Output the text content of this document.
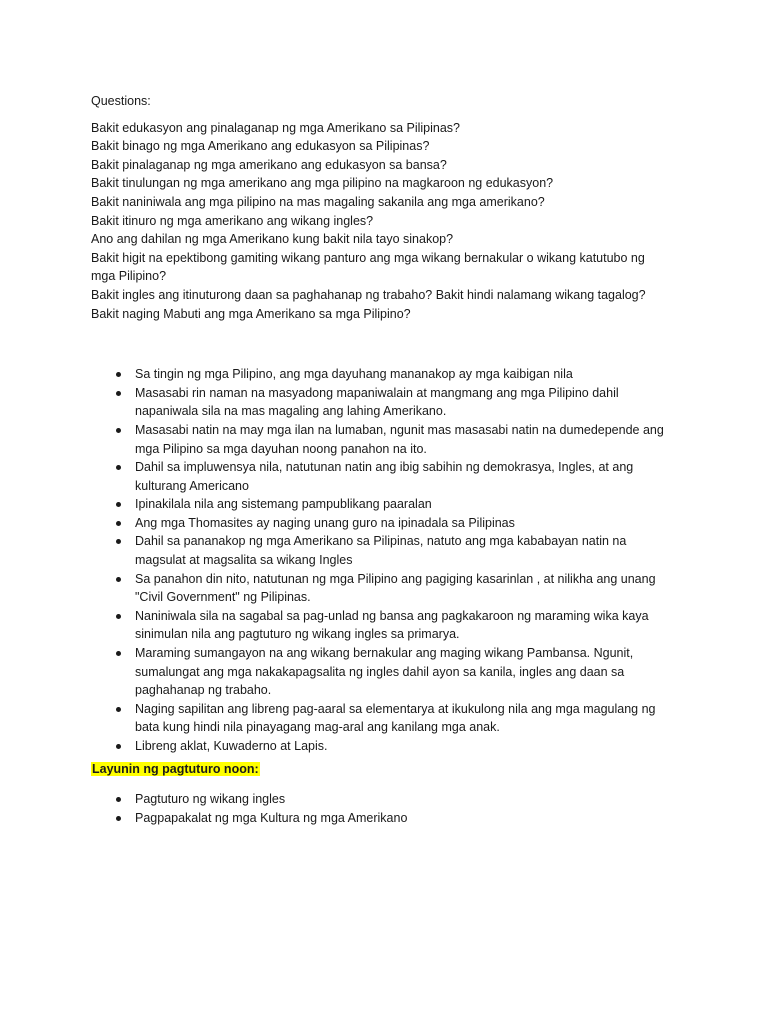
Questions:

Bakit edukasyon ang pinalaganap ng mga Amerikano sa Pilipinas?

Bakit binago ng mga Amerikano ang edukasyon sa Pilipinas?

Bakit pinalaganap ng mga amerikano ang edukasyon sa bansa?

Bakit tinulungan ng mga amerikano ang mga pilipino na magkaroon ng edukasyon?

Bakit naniniwala ang mga pilipino na mas magaling sakanila ang mga amerikano?

Bakit itinuro ng mga amerikano ang wikang ingles?

Ano ang dahilan ng mga Amerikano kung bakit nila tayo sinakop?

Bakit higit na epektibong gamiting wikang panturo ang mga wikang bernakular o wikang katutubo ng mga Pilipino?

Bakit ingles ang itinuturong daan sa paghahanap ng trabaho? Bakit hindi nalamang wikang tagalog?

Bakit naging Mabuti ang mga Amerikano sa mga Pilipino?

Sa tingin ng mga Pilipino, ang mga dayuhang mananakop ay mga kaibigan nila
Masasabi rin naman na masyadong mapaniwalain at mangmang ang mga Pilipino dahil napaniwala sila na mas magaling ang lahing Amerikano.
Masasabi natin na may mga ilan na lumaban, ngunit mas masasabi natin na dumedepende ang mga Pilipino sa mga dayuhan noong panahon na ito.
Dahil sa impluwensya nila, natutunan natin ang ibig sabihin ng demokrasya, Ingles, at ang kulturang Americano
Ipinakilala nila ang sistemang pampublikang paaralan
Ang mga Thomasites ay naging unang guro na ipinadala sa Pilipinas
Dahil sa pananakop ng mga Amerikano sa Pilipinas, natuto ang mga kababayan natin na magsulat at magsalita sa wikang Ingles
Sa panahon din nito, natutunan ng mga Pilipino ang pagiging kasarinlan , at nilikha ang unang "Civil Government" ng Pilipinas.
Naniniwala sila na sagabal sa pag-unlad ng bansa ang pagkakaroon ng maraming wika kaya sinimulan nila ang pagtuturo ng wikang ingles sa primarya.
Maraming sumangayon na ang wikang bernakular ang maging wikang Pambansa. Ngunit, sumalungat ang mga nakakapagsalita ng ingles dahil ayon sa kanila, ingles ang daan sa paghahanap ng trabaho.
Naging sapilitan ang libreng pag-aaral sa elementarya at ikukulong nila ang mga magulang ng bata kung hindi nila pinayagang mag-aral ang kanilang mga anak.
Libreng aklat, Kuwaderno at Lapis.
Layunin ng pagtuturo noon:
Pagtuturo ng wikang ingles
Pagpapakalat ng mga Kultura ng mga Amerikano
